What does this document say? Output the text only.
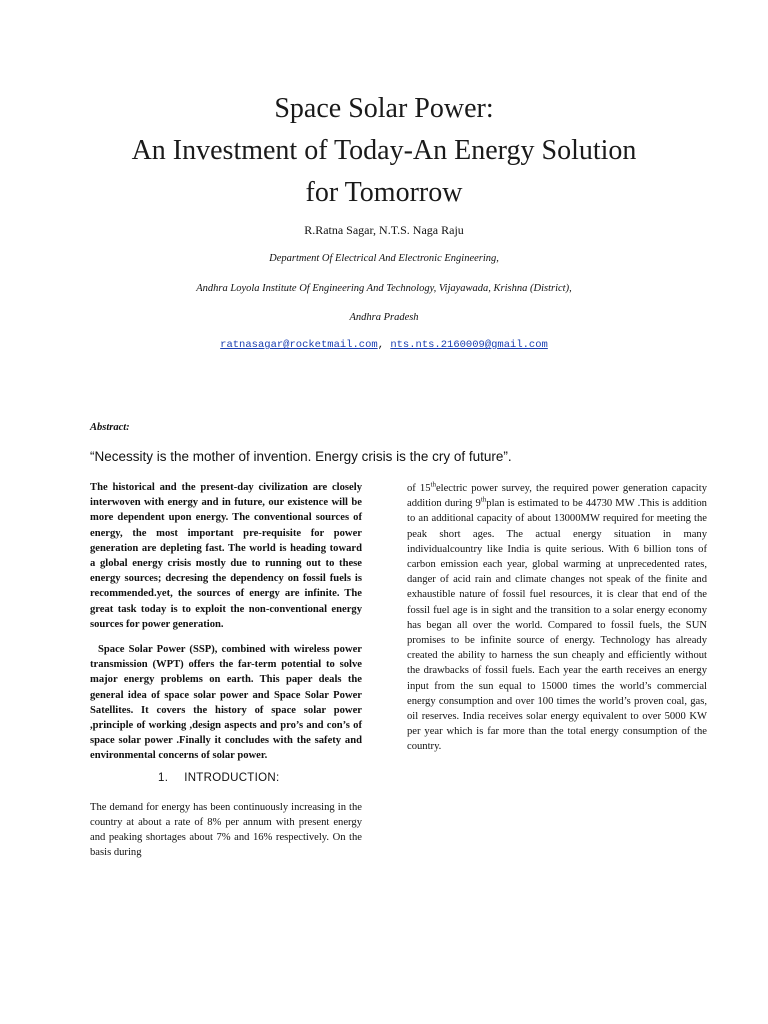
Space Solar Power:
An Investment of Today-An Energy Solution
for Tomorrow
R.Ratna Sagar, N.T.S. Naga Raju
Department Of Electrical And Electronic Engineering,
Andhra Loyola Institute Of Engineering And Technology, Vijayawada, Krishna (District),
Andhra Pradesh
ratnasagar@rocketmail.com, nts.nts.2160009@gmail.com
Abstract:
“Necessity is the mother of invention. Energy crisis is the cry of future”.

The historical and the present-day civilization are closely interwoven with energy and in future, our existence will be more dependent upon energy. The conventional sources of energy, the most important pre-requisite for power generation are depleting fast. The world is heading toward a global energy crisis mostly due to running out to these energy sources; decresing the dependency on fossil fuels is recommended.yet, the sources of energy are infinite. The great task today is to exploit the non-conventional energy sources for power generation.

Space Solar Power (SSP), combined with wireless power transmission (WPT) offers the far-term potential to solve major energy problems on earth. This paper deals the general idea of space solar power and Space Solar Power Satellites. It covers the history of space solar power ,principle of working ,design aspects and pro’s and con’s of space solar power .Finally it concludes with the safety and environmental concerns of solar power.

1. INTRODUCTION:

The demand for energy has been continuously increasing in the country at about a rate of 8% per annum with present energy and peaking shortages about 7% and 16% respectively. On the basis during

of 15thelectric power survey, the required power generation capacity addition during 9thplan is estimated to be 44730 MW .This is addition to an additional capacity of about 13000MW required for meeting the peak short ages. The actual energy situation in many individualcountry like India is quite serious. With 6 billion tons of carbon emission each year, global warming at unprecedented rates, danger of acid rain and climate changes not speak of the finite and exhaustible nature of fossil fuel resources, it is clear that end of the fossil fuel age is in sight and the transition to a solar energy economy has began all over the world. Compared to fossil fuels, the SUN promises to be infinite source of energy. Technology has already created the ability to harness the sun cheaply and efficiently without the drawbacks of fossil fuels. Each year the earth receives an energy input from the sun equal to 15000 times the world’s commercial energy consumption and over 100 times the world’s proven coal, gas, oil reserves. India receives solar energy equivalent to over 5000 KW per year which is far more than the total energy consumption of the country.
